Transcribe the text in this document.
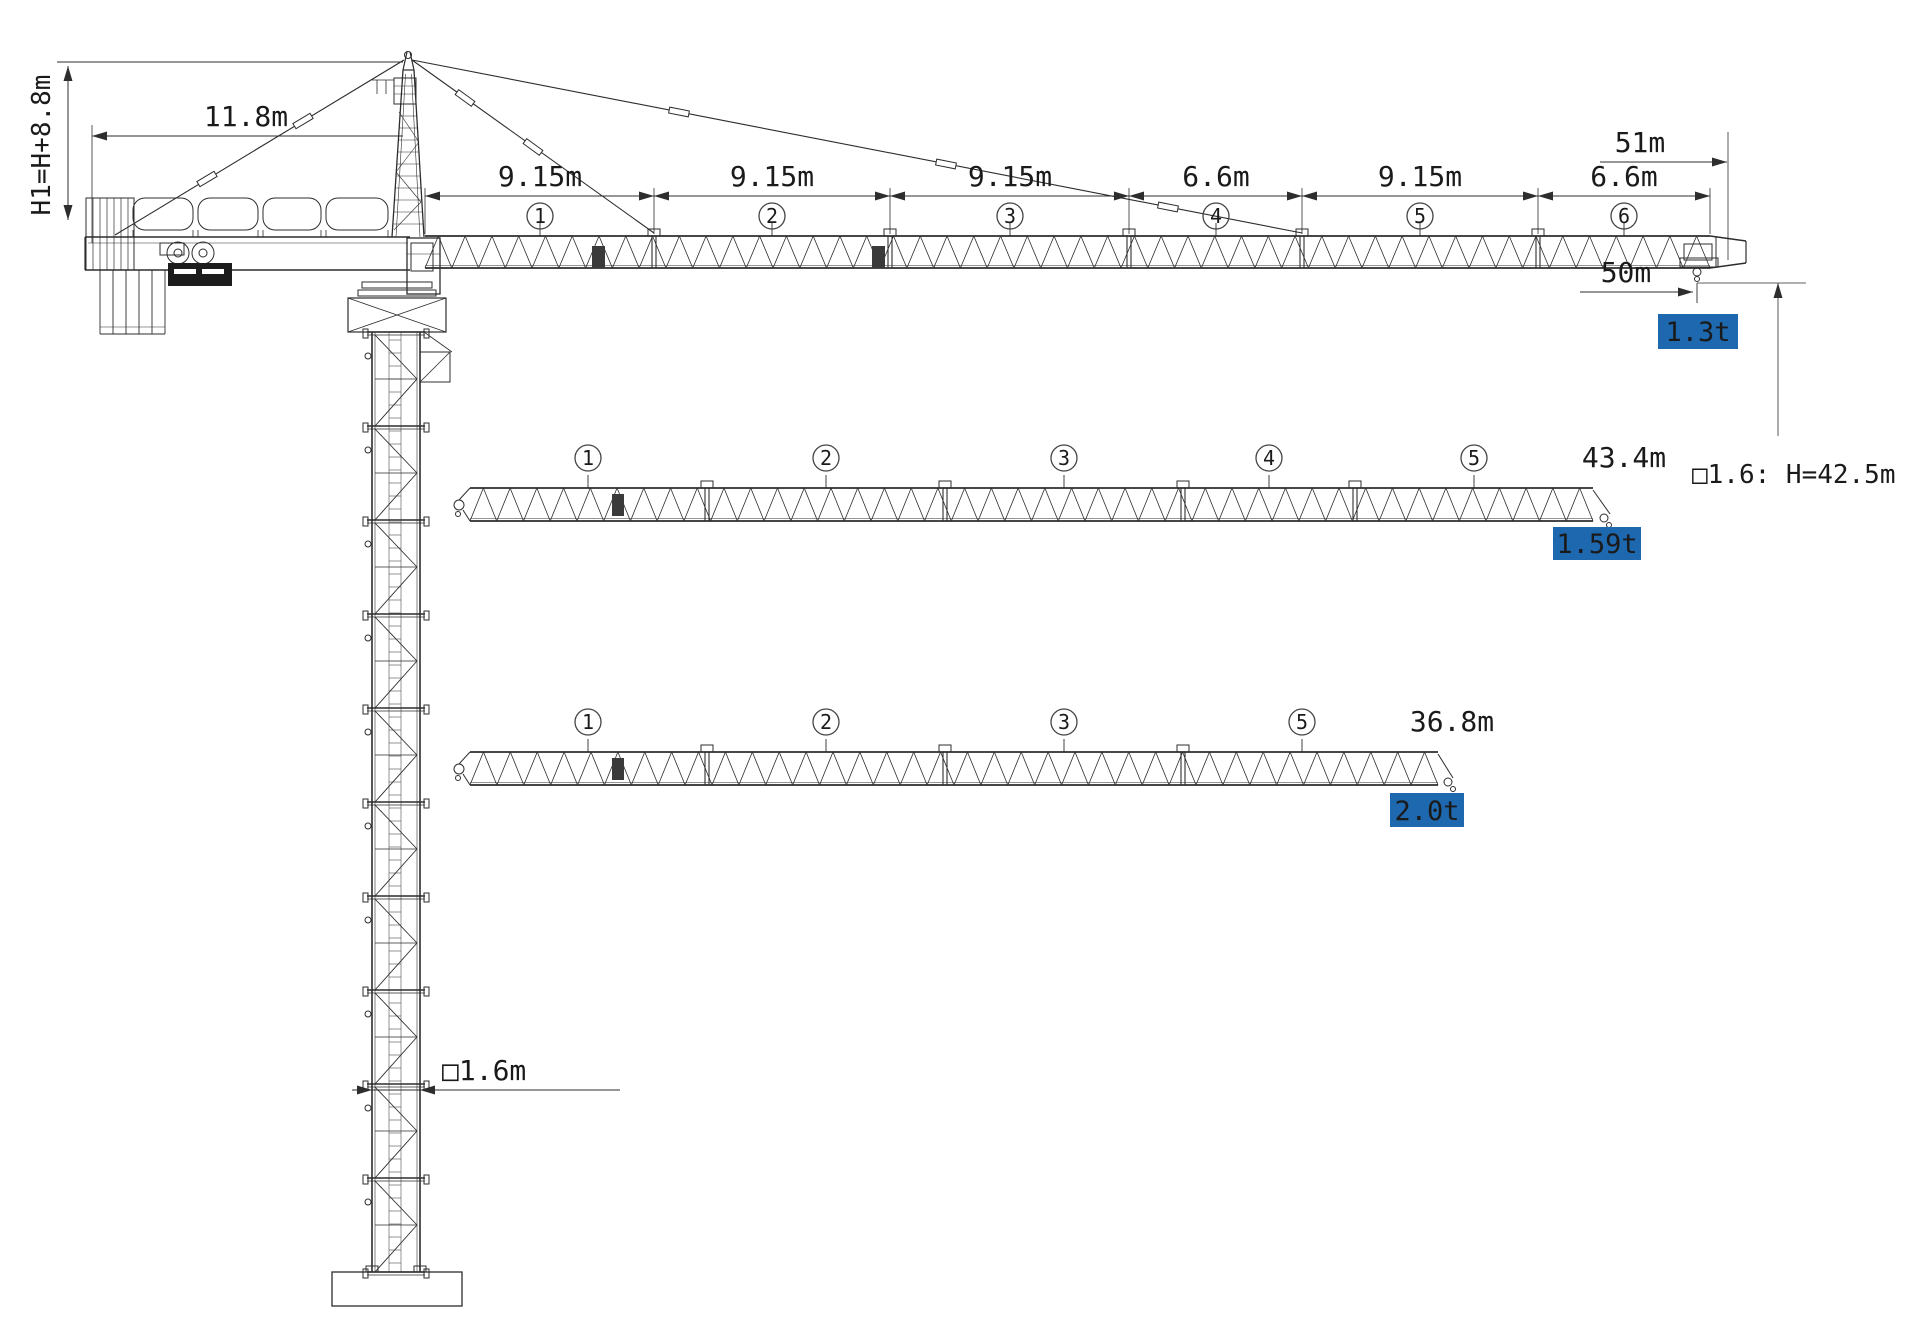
H1=H+8.8m	11.8m
9.15m	9.15m	9.15m	6.6m	9.15m	6.6m
1	2	3	4	5	6
51m
50m
1.3t
1	2	3	4	5	43.4m
1.59t
□1.6: H=42.5m
1	2	3	5	36.8m
2.0t
□1.6m
